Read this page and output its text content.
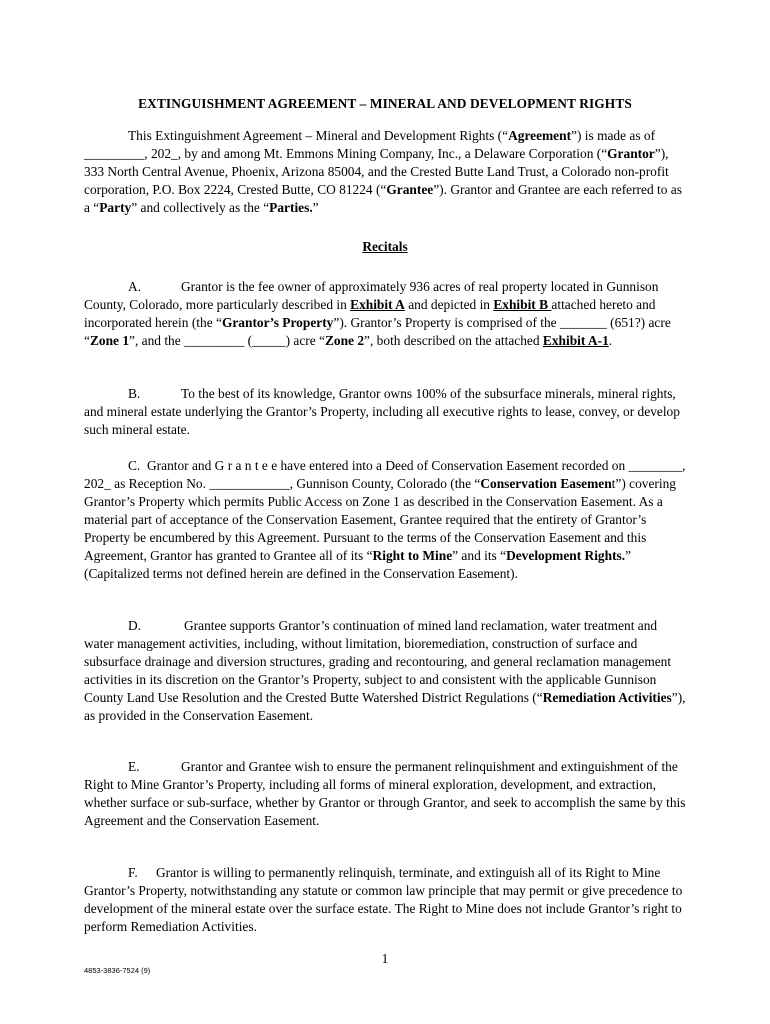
EXTINGUISHMENT AGREEMENT – MINERAL AND DEVELOPMENT RIGHTS
This Extinguishment Agreement – Mineral and Development Rights (“Agreement”) is made as of _________, 202_, by and among Mt. Emmons Mining Company, Inc., a Delaware Corporation (“Grantor”), 333 North Central Avenue, Phoenix, Arizona 85004, and the Crested Butte Land Trust, a Colorado non-profit corporation, P.O. Box 2224, Crested Butte, CO 81224 (“Grantee”). Grantor and Grantee are each referred to as a “Party” and collectively as the “Parties.”
Recitals
A.	Grantor is the fee owner of approximately 936 acres of real property located in Gunnison County, Colorado, more particularly described in Exhibit A and depicted in Exhibit B attached hereto and incorporated herein (the “Grantor’s Property”). Grantor’s Property is comprised of the _______ (651?) acre “Zone 1”, and the _________ (_____) acre “Zone 2”, both described on the attached Exhibit A-1.
B.	To the best of its knowledge, Grantor owns 100% of the subsurface minerals, mineral rights, and mineral estate underlying the Grantor’s Property, including all executive rights to lease, convey, or develop such mineral estate.
C. Grantor and G r a n t e e have entered into a Deed of Conservation Easement recorded on ________, 202_ as Reception No. ____________, Gunnison County, Colorado (the “Conservation Easement”) covering Grantor’s Property which permits Public Access on Zone 1 as described in the Conservation Easement. As a material part of acceptance of the Conservation Easement, Grantee required that the entirety of Grantor’s Property be encumbered by this Agreement. Pursuant to the terms of the Conservation Easement and this Agreement, Grantor has granted to Grantee all of its “Right to Mine” and its “Development Rights.” (Capitalized terms not defined herein are defined in the Conservation Easement).
D.	Grantee supports Grantor’s continuation of mined land reclamation, water treatment and water management activities, including, without limitation, bioremediation, construction of surface and subsurface drainage and diversion structures, grading and recontouring, and general reclamation management activities in its discretion on the Grantor’s Property, subject to and consistent with the applicable Gunnison County Land Use Resolution and the Crested Butte Watershed District Regulations (“Remediation Activities”), as provided in the Conservation Easement.
E.	Grantor and Grantee wish to ensure the permanent relinquishment and extinguishment of the Right to Mine Grantor’s Property, including all forms of mineral exploration, development, and extraction, whether surface or sub-surface, whether by Grantor or through Grantor, and seek to accomplish the same by this Agreement and the Conservation Easement.
F. Grantor is willing to permanently relinquish, terminate, and extinguish all of its Right to Mine Grantor’s Property, notwithstanding any statute or common law principle that may permit or give precedence to development of the mineral estate over the surface estate. The Right to Mine does not include Grantor’s right to perform Remediation Activities.
1
4853-3836-7524 (9)
